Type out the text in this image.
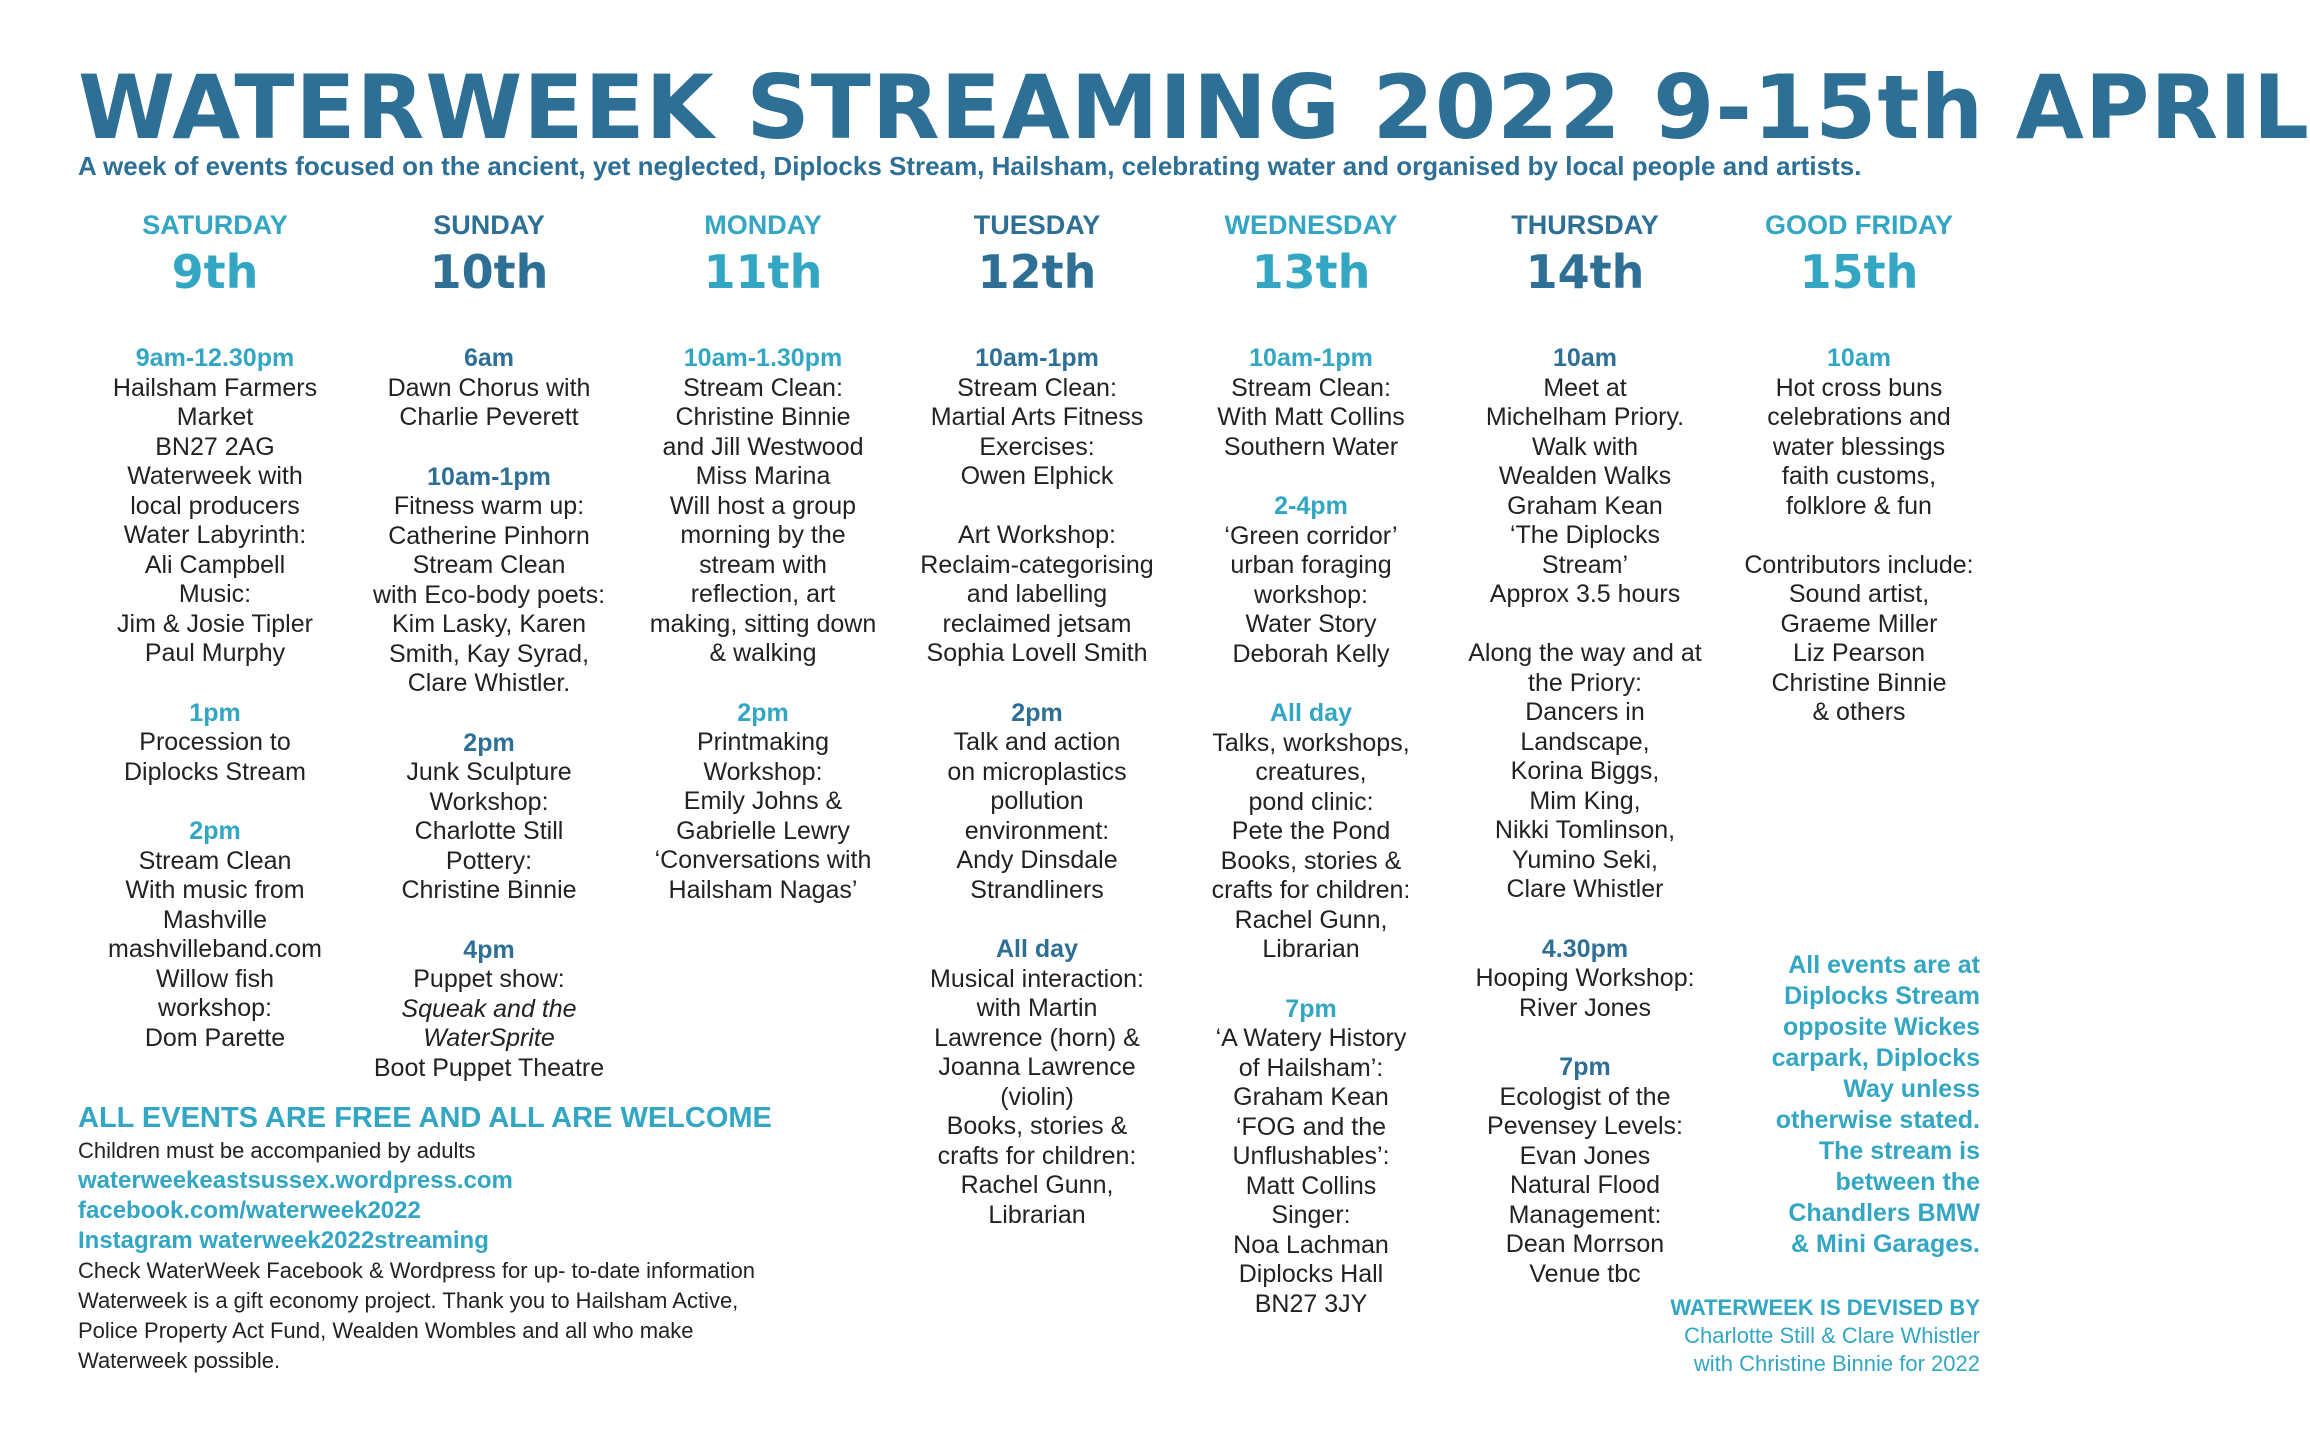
WATERWEEK STREAMING 2022 9-15th APRIL
A week of events focused on the ancient, yet neglected, Diplocks Stream, Hailsham, celebrating water and organised by local people and artists.
SATURDAY
9th
9am-12.30pm
Hailsham Farmers
Market
BN27 2AG
Waterweek with
local producers
Water Labyrinth:
Ali Campbell
Music:
Jim & Josie Tipler
Paul Murphy
1pm
Procession to
Diplocks Stream
2pm
Stream Clean
With music from
Mashville
mashvilleband.com
Willow fish
workshop:
Dom Parette
SUNDAY
10th
6am
Dawn Chorus with
Charlie Peverett
10am-1pm
Fitness warm up:
Catherine Pinhorn
Stream Clean
with Eco-body poets:
Kim Lasky, Karen
Smith, Kay Syrad,
Clare Whistler.
2pm
Junk Sculpture
Workshop:
Charlotte Still
Pottery:
Christine Binnie
4pm
Puppet show:
Squeak and the
WaterSprite
Boot Puppet Theatre
MONDAY
11th
10am-1.30pm
Stream Clean:
Christine Binnie
and Jill Westwood
Miss Marina
Will host a group
morning by the
stream with
reflection, art
making, sitting down
& walking
2pm
Printmaking
Workshop:
Emily Johns &
Gabrielle Lewry
‘Conversations with
Hailsham Nagas’
TUESDAY
12th
10am-1pm
Stream Clean:
Martial Arts Fitness
Exercises:
Owen Elphick

Art Workshop:
Reclaim-categorising
and labelling
reclaimed jetsam
Sophia Lovell Smith
2pm
Talk and action
on microplastics
pollution
environment:
Andy Dinsdale
Strandliners
All day
Musical interaction:
with Martin
Lawrence (horn) &
Joanna Lawrence
(violin)
Books, stories &
crafts for children:
Rachel Gunn,
Librarian
WEDNESDAY
13th
10am-1pm
Stream Clean:
With Matt Collins
Southern Water
2-4pm
‘Green corridor’
urban foraging
workshop:
Water Story
Deborah Kelly
All day
Talks, workshops,
creatures,
pond clinic:
Pete the Pond
Books, stories &
crafts for children:
Rachel Gunn,
Librarian
7pm
‘A Watery History
of Hailsham’:
Graham Kean
‘FOG and the
Unflushables’:
Matt Collins
Singer:
Noa Lachman
Diplocks Hall
BN27 3JY
THURSDAY
14th
10am
Meet at
Michelham Priory.
Walk with
Wealden Walks
Graham Kean
‘The Diplocks
Stream’
Approx 3.5 hours

Along the way and at
the Priory:
Dancers in
Landscape,
Korina Biggs,
Mim King,
Nikki Tomlinson,
Yumino Seki,
Clare Whistler
4.30pm
Hooping Workshop:
River Jones
7pm
Ecologist of the
Pevensey Levels:
Evan Jones
Natural Flood
Management:
Dean Morrson
Venue tbc
GOOD FRIDAY
15th
10am
Hot cross buns
celebrations and
water blessings
faith customs,
folklore & fun

Contributors include:
Sound artist,
Graeme Miller
Liz Pearson
Christine Binnie
& others
ALL EVENTS ARE FREE AND ALL ARE WELCOME
Children must be accompanied by adults
waterweekeastsussex.wordpress.com
facebook.com/waterweek2022
Instagram waterweek2022streaming
Check WaterWeek Facebook & Wordpress for up- to-date information
Waterweek is a gift economy project. Thank you to Hailsham Active,
Police Property Act Fund, Wealden Wombles and all who make
Waterweek possible.
All events are at
Diplocks Stream
opposite Wickes
carpark, Diplocks
Way unless
otherwise stated.
The stream is
between the
Chandlers BMW
& Mini Garages.
WATERWEEK IS DEVISED BY
Charlotte Still & Clare Whistler
with Christine Binnie for 2022
